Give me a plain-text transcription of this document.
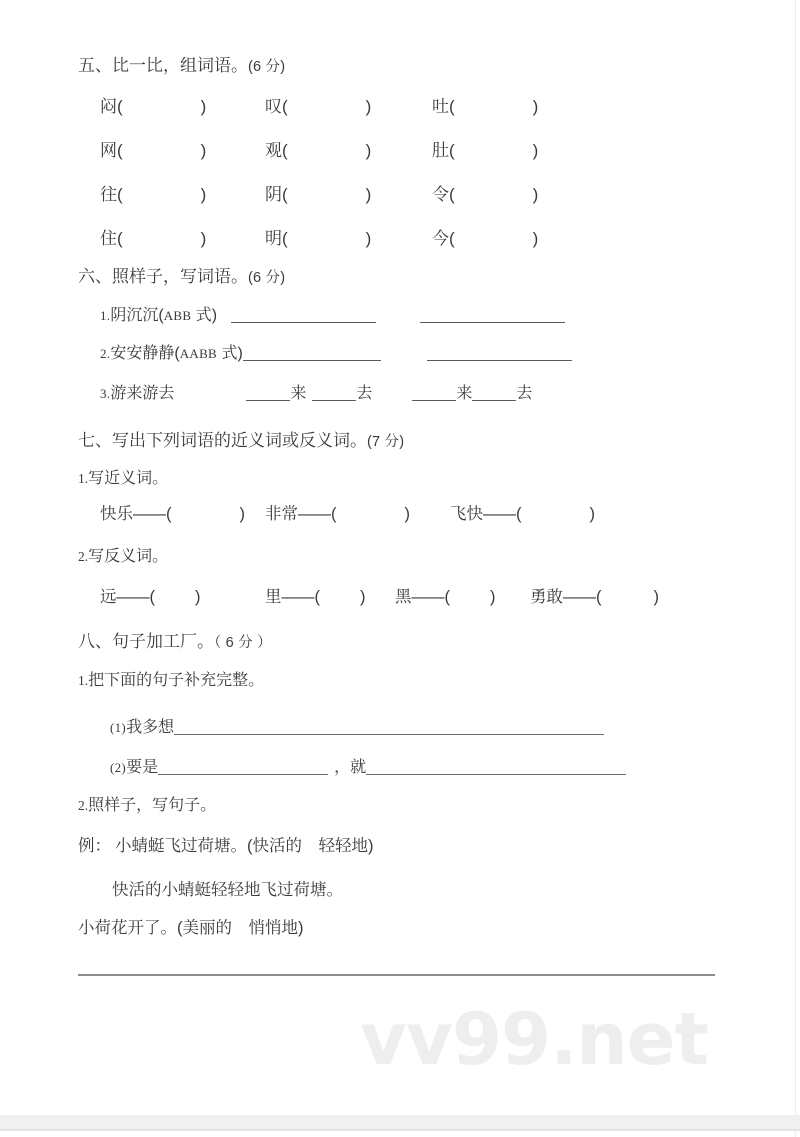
五、比一比，组词语。(6 分)
闷(	)	叹(	)	吐(	)
网(	)	观(	)	肚(	)
往(	)	阴(	)	令(	)
住(	)	明(	)	今(	)
六、照样子，写词语。(6 分)
1.阴沉沉(ABB 式)
2.安安静静(AABB 式)
3.游来游去	来	去	来	去
七、写出下列词语的近义词或反义词。(7 分)
1.写近义词。
快乐——(	) 非常——(	) 飞快——(	)
2.写反义词。
远——( )	里——( ) 黑——( ) 勇敢——(	)
八、句子加工厂。（ 6 分 ）
1.把下面的句子补充完整。
(1)我多想
(2)要是	，就
2.照样子，写句子。
例： 小蜻蜓飞过荷塘。(快活的　轻轻地)
快活的小蜻蜓轻轻地飞过荷塘。
小荷花开了。(美丽的　悄悄地)
vv99.net
